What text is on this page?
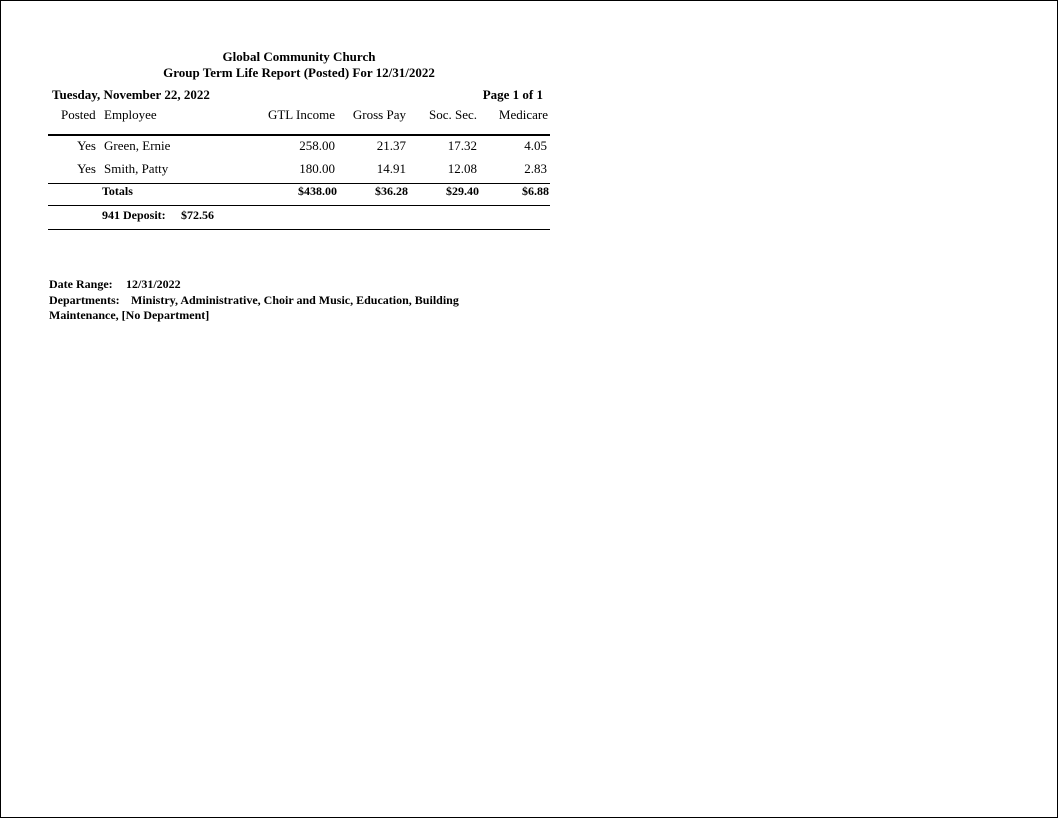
Global Community Church
Group Term Life Report (Posted) For 12/31/2022
Tuesday, November 22, 2022	Page 1 of 1
Posted Employee	GTL Income	Gross Pay	Soc. Sec.	Medicare
Yes Green, Ernie	258.00	21.37	17.32	4.05
Yes Smith, Patty	180.00	14.91	12.08	2.83
Totals	$438.00	$36.28	$29.40	$6.88
941 Deposit: $72.56
Date Range: 12/31/2022
Departments: Ministry, Administrative, Choir and Music, Education, Building
Maintenance, [No Department]
